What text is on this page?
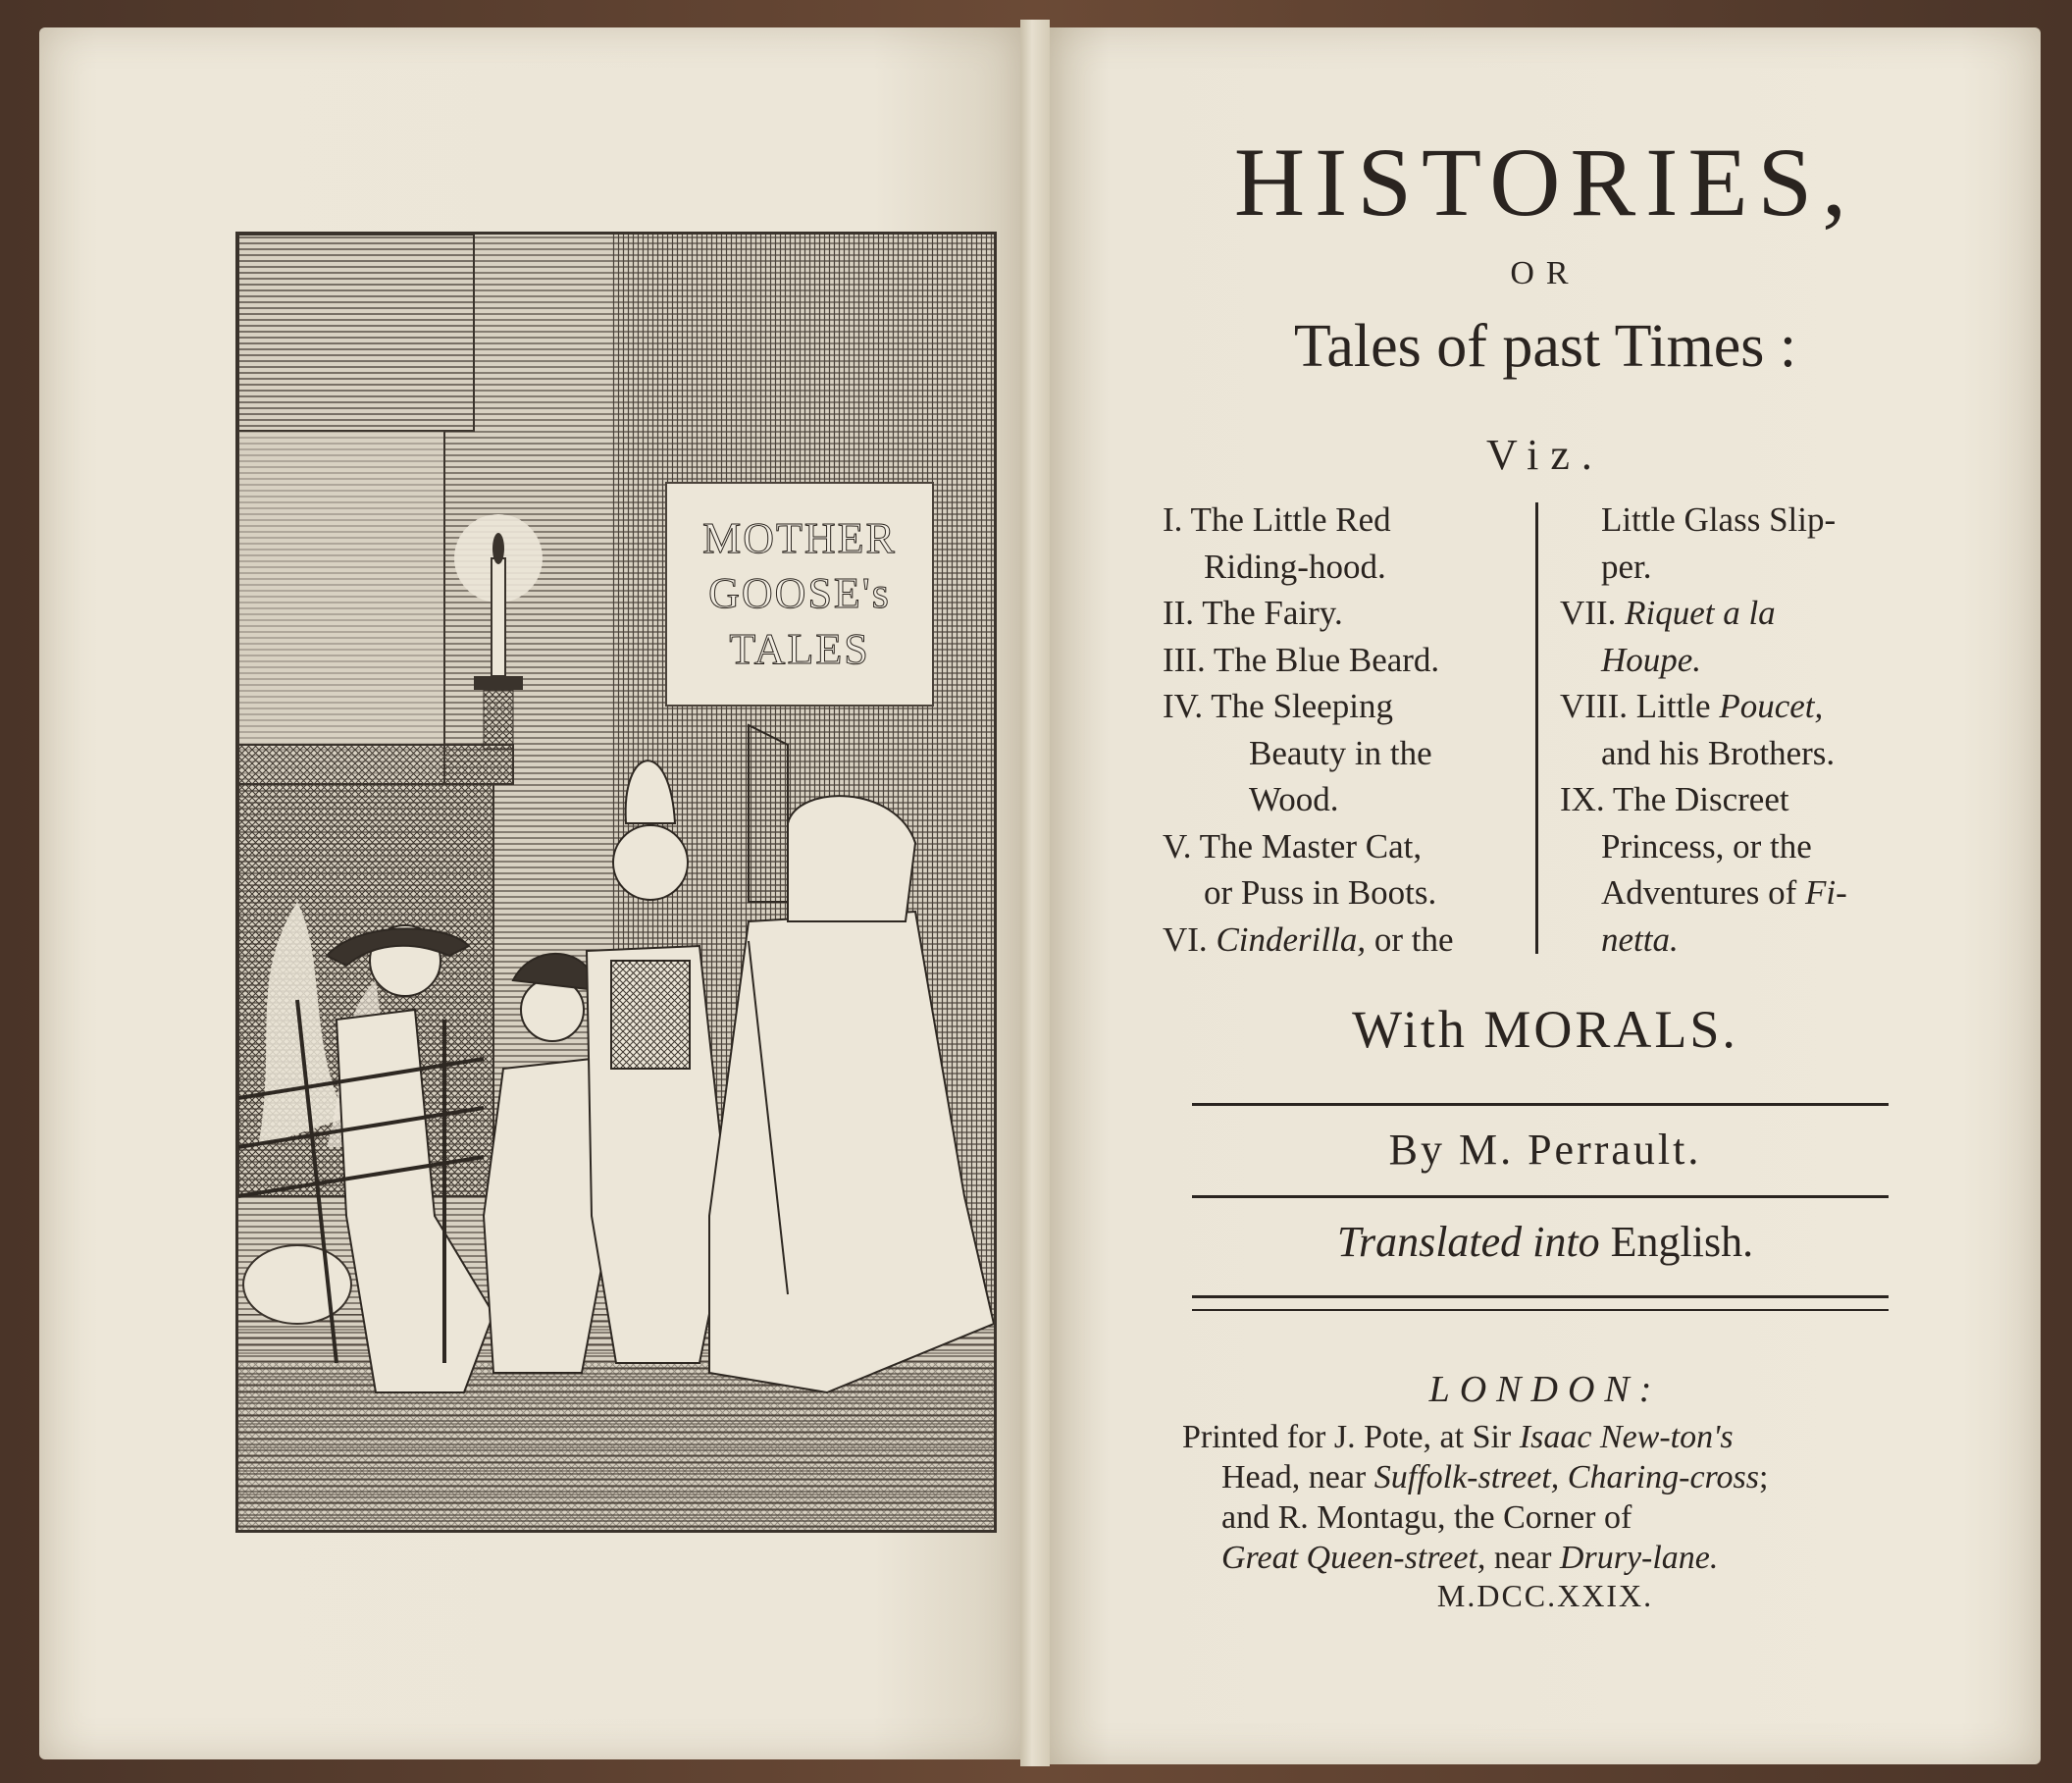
MOTHER
GOOSE's
TALES
HISTORIES,
OR
Tales of past Times :
Viz.
I. The Little Red
Riding-hood.
II. The Fairy.
III. The Blue Beard.
IV. The Sleeping
Beauty in the
Wood.
V. The Master Cat,
or Puss in Boots.
VI. Cinderilla, or the
Little Glass Slip-
per.
VII. Riquet a la
Houpe.
VIII. Little Poucet,
and his Brothers.
IX. The Discreet
Princess, or the
Adventures of Fi-
netta.
With MORALS.
By M. Perrault.
Translated into English.
LONDON:
Printed for J. Pote, at Sir Isaac New-ton's
Head, near Suffolk-street, Charing-cross;
and R. Montagu, the Corner of
Great Queen-street, near Drury-lane.
M.DCC.XXIX.
